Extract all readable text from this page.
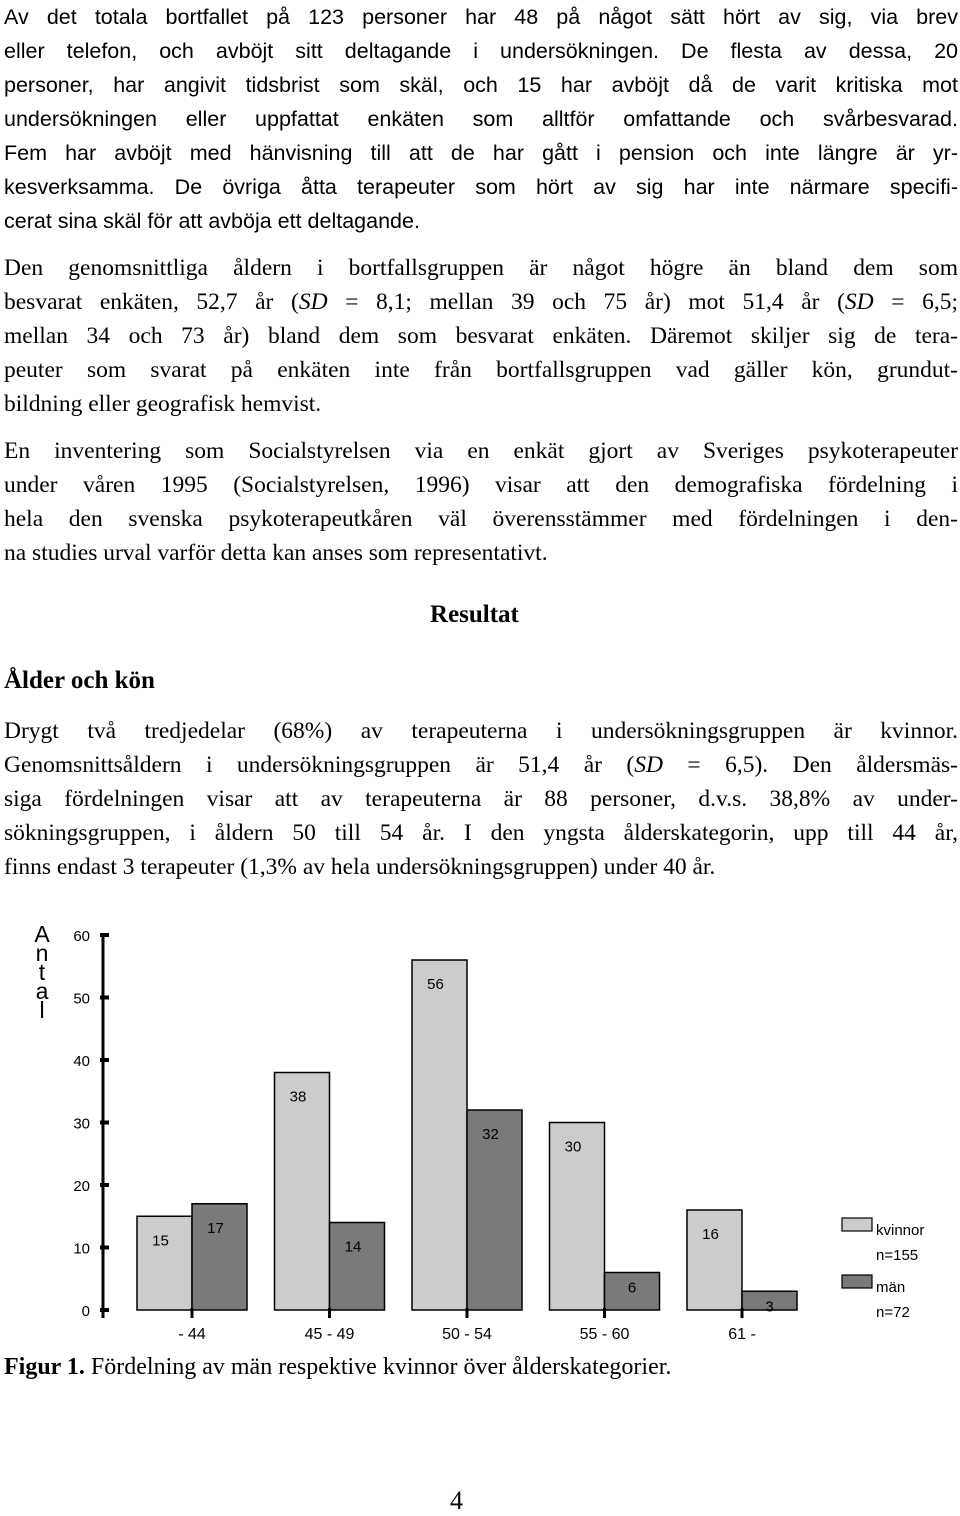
Av det totala bortfallet på 123 personer har 48 på något sätt hört av sig, via brev
eller telefon, och avböjt sitt deltagande i undersökningen. De flesta av dessa, 20
personer, har angivit tidsbrist som skäl, och 15 har avböjt då de varit kritiska mot
undersökningen eller uppfattat enkäten som alltför omfattande och svårbesvarad.
Fem har avböjt med hänvisning till att de har gått i pension och inte längre är yr-
kesverksamma. De övriga åtta terapeuter som hört av sig har inte närmare specifi-
cerat sina skäl för att avböja ett deltagande.
Den genomsnittliga åldern i bortfallsgruppen är något högre än bland dem som
besvarat enkäten, 52,7 år (SD = 8,1; mellan 39 och 75 år) mot 51,4 år (SD = 6,5;
mellan 34 och 73 år) bland dem som besvarat enkäten. Däremot skiljer sig de tera-
peuter som svarat på enkäten inte från bortfallsgruppen vad gäller kön, grundut-
bildning eller geografisk hemvist.
En inventering som Socialstyrelsen via en enkät gjort av Sveriges psykoterapeuter
under våren 1995 (Socialstyrelsen, 1996) visar att den demografiska fördelning i
hela den svenska psykoterapeutkåren väl överensstämmer med fördelningen i den-
na studies urval varför detta kan anses som representativt.
Resultat
Ålder och kön
Drygt två tredjedelar (68%) av terapeuterna i undersökningsgruppen är kvinnor.
Genomsnittsåldern i undersökningsgruppen är 51,4 år (SD = 6,5). Den åldersmäs-
siga fördelningen visar att av terapeuterna är 88 personer, d.v.s. 38,8% av under-
sökningsgruppen, i åldern 50 till 54 år. I den yngsta ålderskategorin, upp till 44 år,
finns endast 3 terapeuter (1,3% av hela undersökningsgruppen) under 40 år.
0
10
20
30
40
50
60
A
n
t
a
l
15
38
56
30
16
17
14
32
6
3
- 44	45 - 49	50 - 54	55 - 60	61 -
kvinnor
n=155
män
n=72

Figur 1. Fördelning av män respektive kvinnor över ålderskategorier.

4
